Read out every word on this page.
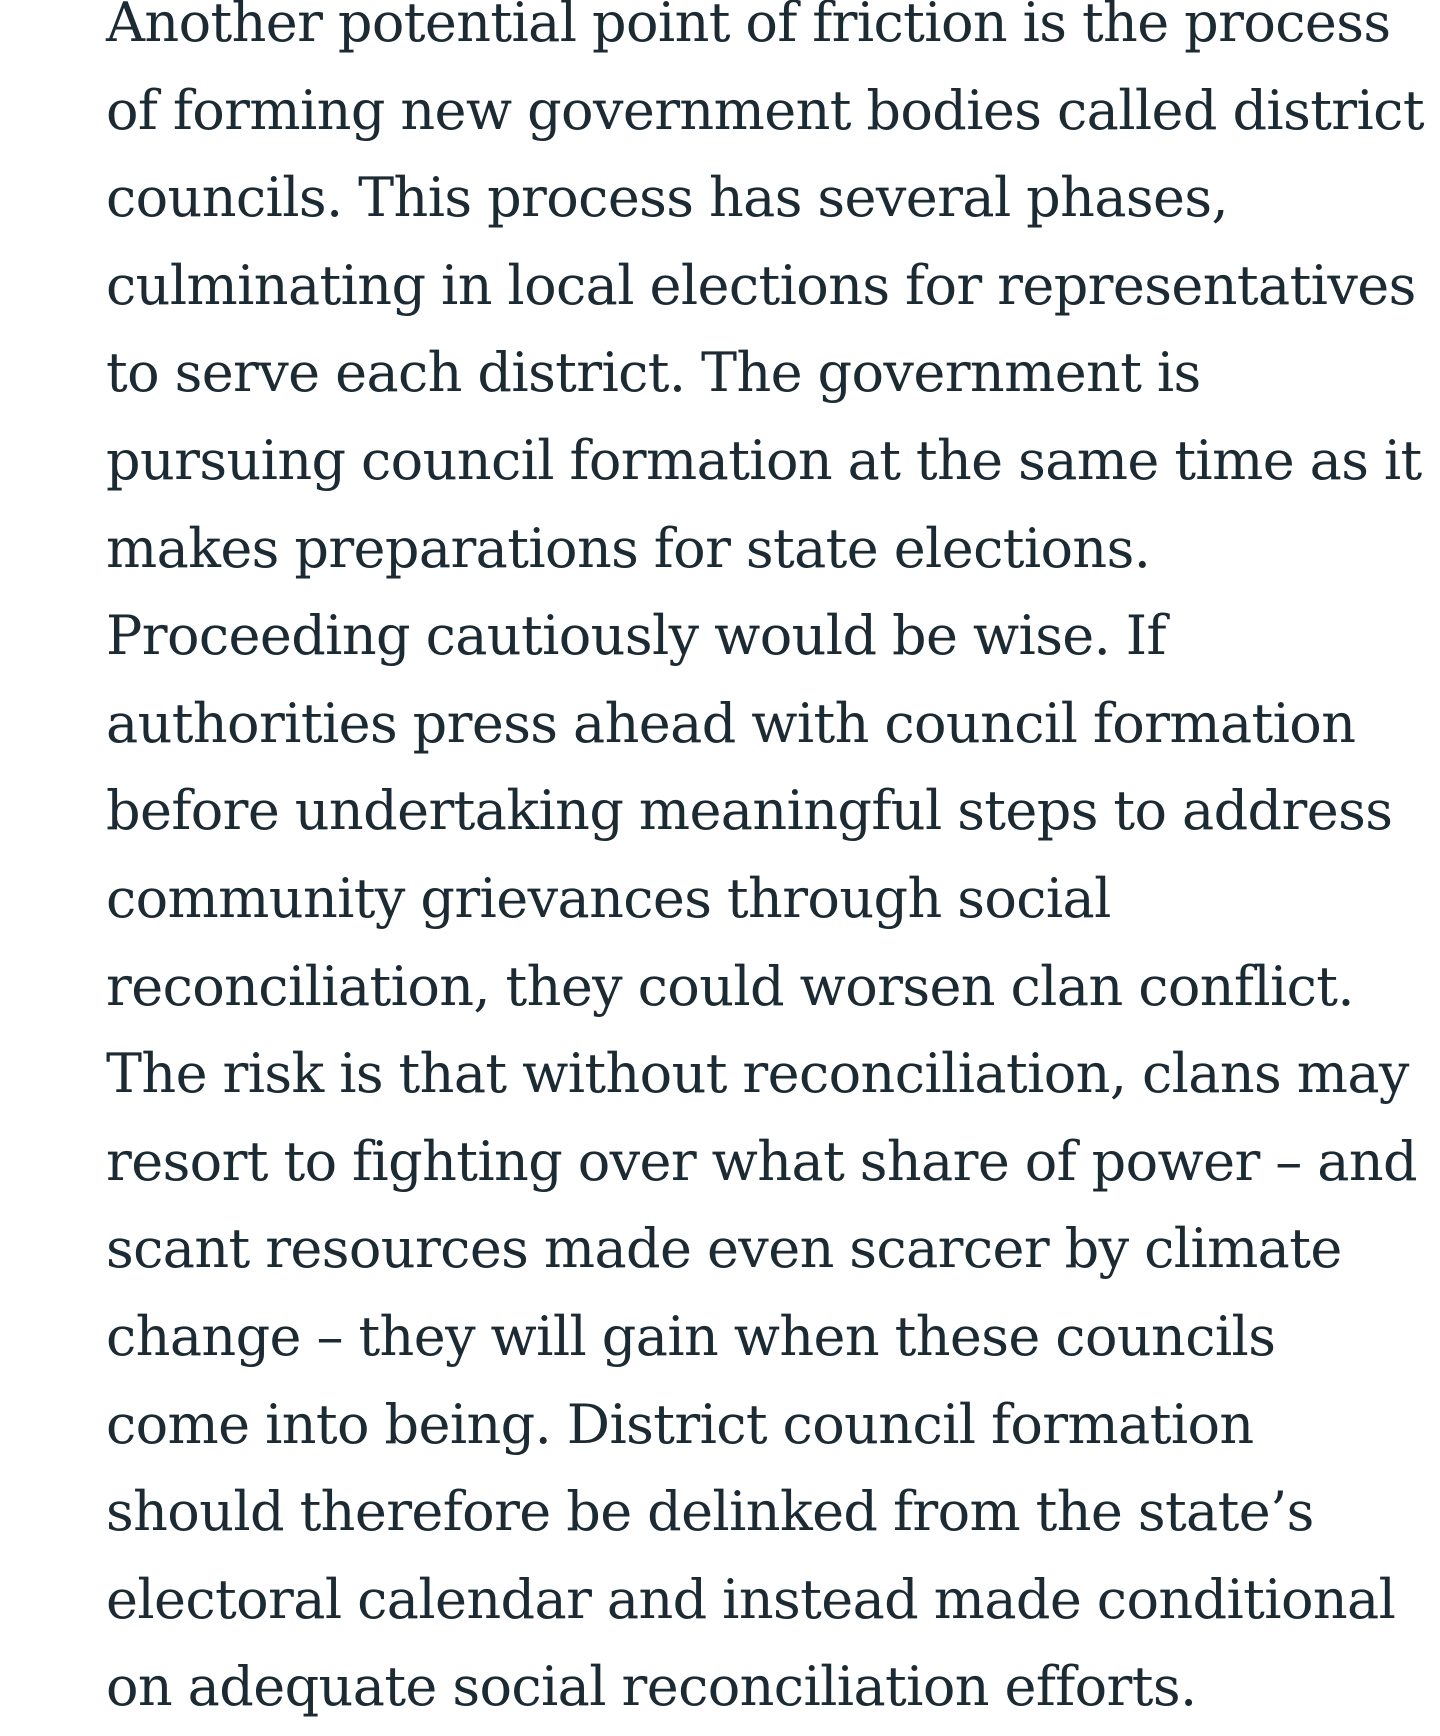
Another potential point of friction is the process
of forming new government bodies called district
councils. This process has several phases,
culminating in local elections for representatives
to serve each district. The government is
pursuing council formation at the same time as it
makes preparations for state elections.
Proceeding cautiously would be wise. If
authorities press ahead with council formation
before undertaking meaningful steps to address
community grievances through social
reconciliation, they could worsen clan conflict.
The risk is that without reconciliation, clans may
resort to fighting over what share of power – and
scant resources made even scarcer by climate
change – they will gain when these councils
come into being. District council formation
should therefore be delinked from the state’s
electoral calendar and instead made conditional
on adequate social reconciliation efforts.
